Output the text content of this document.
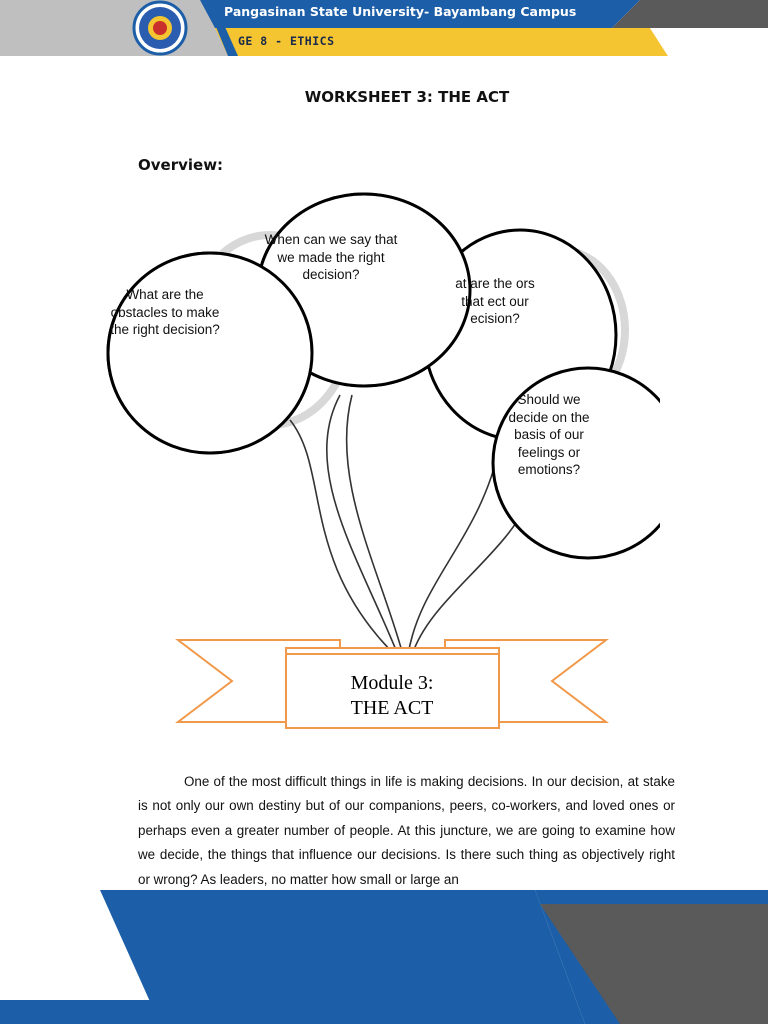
Pangasinan State University- Bayambang Campus
GE 8 - ETHICS
WORKSHEET 3: THE ACT
Overview:
What are the obstacles to make the right decision?
When can we say that we made the right decision?
at are the ors that ect our ecision?
Should we decide on the basis of our feelings or emotions?
Module 3:
THE ACT
One of the most difficult things in life is making decisions. In our decision, at stake is not only our own destiny but of our companions, peers, co-workers, and loved ones or perhaps even a greater number of people. At this juncture, we are going to examine how we decide, the things that influence our decisions. Is there such thing as objectively right or wrong? As leaders, no matter how small or large an
